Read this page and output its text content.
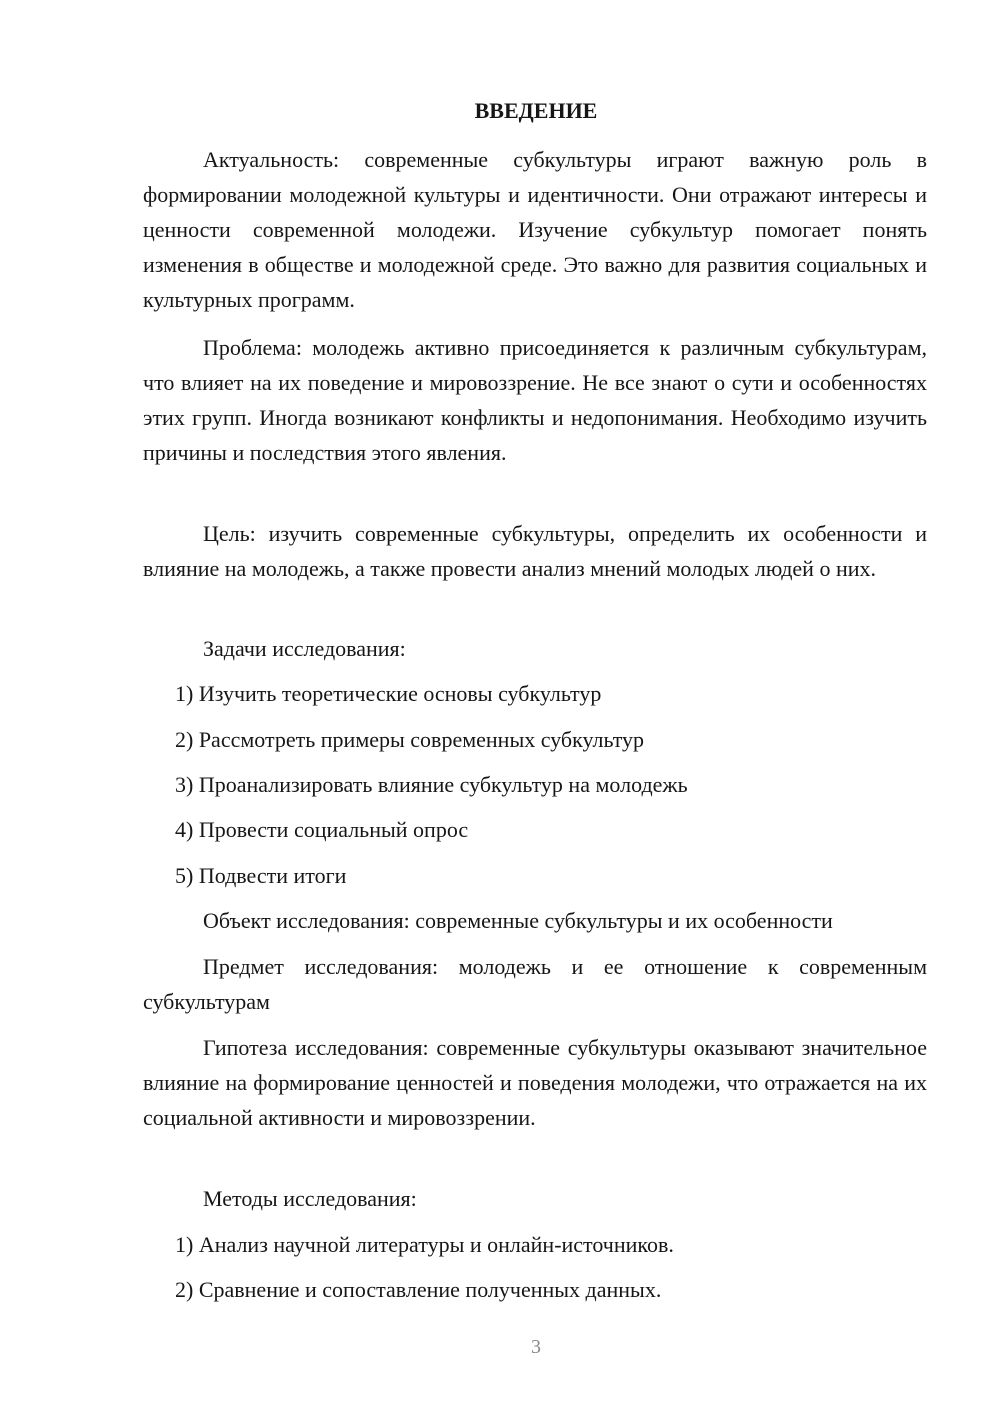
ВВЕДЕНИЕ

Актуальность: современные субкультуры играют важную роль в формировании молодежной культуры и идентичности. Они отражают интересы и ценности современной молодежи. Изучение субкультур помогает понять изменения в обществе и молодежной среде. Это важно для развития социальных и культурных программ.

Проблема: молодежь активно присоединяется к различным субкультурам, что влияет на их поведение и мировоззрение. Не все знают о сути и особенностях этих групп. Иногда возникают конфликты и недопонимания. Необходимо изучить причины и последствия этого явления.

Цель: изучить современные субкультуры, определить их особенности и влияние на молодежь, а также провести анализ мнений молодых людей о них.

Задачи исследования:

1) Изучить теоретические основы субкультур

2) Рассмотреть примеры современных субкультур

3) Проанализировать влияние субкультур на молодежь

4) Провести социальный опрос

5) Подвести итоги

Объект исследования: современные субкультуры и их особенности

Предмет исследования: молодежь и ее отношение к современным субкультурам

Гипотеза исследования: современные субкультуры оказывают значительное влияние на формирование ценностей и поведения молодежи, что отражается на их социальной активности и мировоззрении.

Методы исследования:

1) Анализ научной литературы и онлайн-источников.

2) Сравнение и сопоставление полученных данных.

3
